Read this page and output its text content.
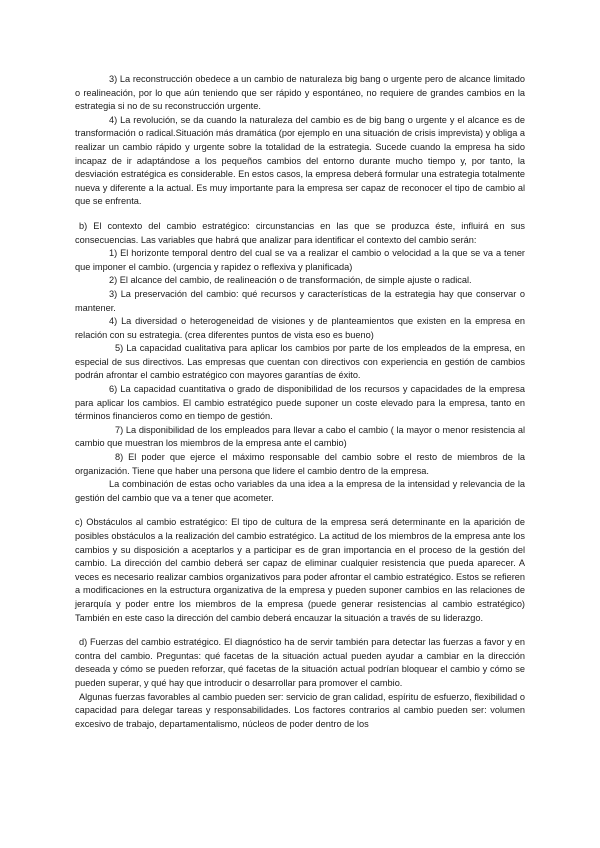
3) La reconstrucción obedece a un cambio de naturaleza big bang o urgente pero de alcance limitado o realineación, por lo que aún teniendo que ser rápido y espontáneo, no requiere de grandes cambios en la estrategia si no de su reconstrucción urgente.

4) La revolución, se da cuando la naturaleza del cambio es de big bang o urgente y el alcance es de transformación o radical.Situación más dramática (por ejemplo en una situación de crisis imprevista) y obliga a realizar un cambio rápido y urgente sobre la totalidad de la estrategia. Sucede cuando la empresa ha sido incapaz de ir adaptándose a los pequeños cambios del entorno durante mucho tiempo y, por tanto, la desviación estratégica es considerable. En estos casos, la empresa deberá formular una estrategia totalmente nueva y diferente a la actual. Es muy importante para la empresa ser capaz de reconocer el tipo de cambio al que se enfrenta.

b) El contexto del cambio estratégico: circunstancias en las que se produzca éste, influirá en sus consecuencias. Las variables que habrá que analizar para identificar el contexto del cambio serán:

1) El horizonte temporal dentro del cual se va a realizar el cambio o velocidad a la que se va a tener que imponer el cambio. (urgencia y rapidez o reflexiva y planificada)

2) El alcance del cambio, de realineación o de transformación, de simple ajuste o radical.

3) La preservación del cambio: qué recursos y características de la estrategia hay que conservar o mantener.

4) La diversidad o heterogeneidad de visiones y de planteamientos que existen en la empresa en relación con su estrategia. (crea diferentes puntos de vista eso es bueno)

5) La capacidad cualitativa para aplicar los cambios por parte de los empleados de la empresa, en especial de sus directivos. Las empresas que cuentan con directivos con experiencia en gestión de cambios podrán afrontar el cambio estratégico con mayores garantías de éxito.

6) La capacidad cuantitativa o grado de disponibilidad de los recursos y capacidades de la empresa para aplicar los cambios. El cambio estratégico puede suponer un coste elevado para la empresa, tanto en términos financieros como en tiempo de gestión.

7) La disponibilidad de los empleados para llevar a cabo el cambio ( la mayor o menor resistencia al cambio que muestran los miembros de la empresa ante el cambio)

8) El poder que ejerce el máximo responsable del cambio sobre el resto de miembros de la organización. Tiene que haber una persona que lidere el cambio dentro de la empresa.

La combinación de estas ocho variables da una idea a la empresa de la intensidad y relevancia de la gestión del cambio que va a tener que acometer.

c) Obstáculos al cambio estratégico: El tipo de cultura de la empresa será determinante en la aparición de posibles obstáculos a la realización del cambio estratégico. La actitud de los miembros de la empresa ante los cambios y su disposición a aceptarlos y a participar es de gran importancia en el proceso de la gestión del cambio. La dirección del cambio deberá ser capaz de eliminar cualquier resistencia que pueda aparecer. A veces es necesario realizar cambios organizativos para poder afrontar el cambio estratégico. Estos se refieren a modificaciones en la estructura organizativa de la empresa y pueden suponer cambios en las relaciones de jerarquía y poder entre los miembros de la empresa (puede generar resistencias al cambio estratégico) También en este caso la dirección del cambio deberá encauzar la situación a través de su liderazgo.

d) Fuerzas del cambio estratégico. El diagnóstico ha de servir también para detectar las fuerzas a favor y en contra del cambio. Preguntas: qué facetas de la situación actual pueden ayudar a cambiar en la dirección deseada y cómo se pueden reforzar, qué facetas de la situación actual podrían bloquear el cambio y cómo se pueden superar, y qué hay que introducir o desarrollar para promover el cambio.

Algunas fuerzas favorables al cambio pueden ser: servicio de gran calidad, espíritu de esfuerzo, flexibilidad o capacidad para delegar tareas y responsabilidades. Los factores contrarios al cambio pueden ser: volumen excesivo de trabajo, departamentalismo, núcleos de poder dentro de los
